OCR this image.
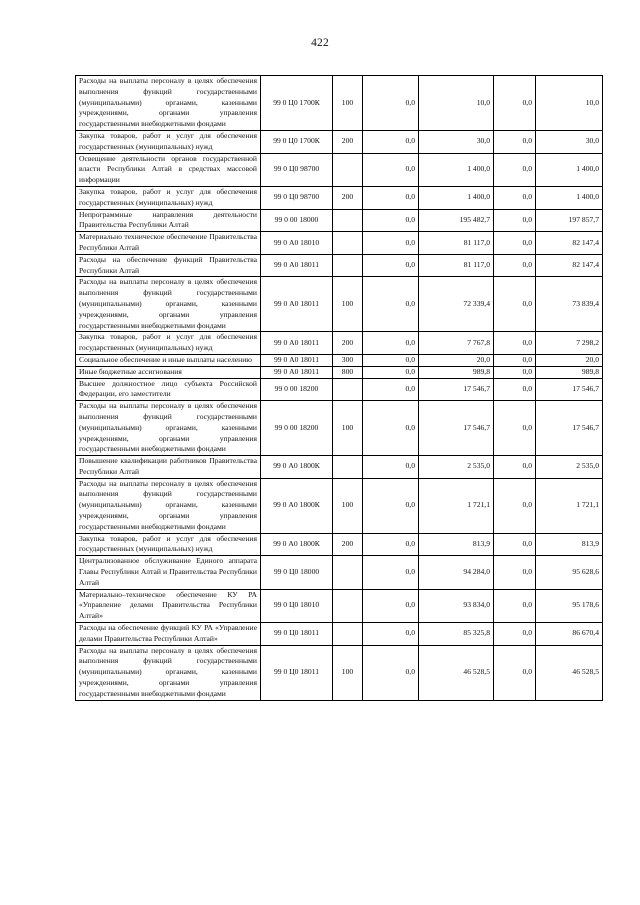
422
Расходы на выплаты персоналу в целях обеспечения выполнения функций государственными (муниципальными) органами, казенными учреждениями, органами управления государственными внебюджетными фондами	99 0 Ц0 1700К	100	0,0	10,0	0,0	10,0
Закупка товаров, работ и услуг для обеспечения государственных (муниципальных) нужд	99 0 Ц0 1700К	200	0,0	30,0	0,0	30,0
Освещение деятельности органов государственной власти Республики Алтай в средствах массовой информации	99 0 Ц0 98700		0,0	1 400,0	0,0	1 400,0
Закупка товаров, работ и услуг для обеспечения государственных (муниципальных) нужд	99 0 Ц0 98700	200	0,0	1 400,0	0,0	1 400,0
Непрограммные направления деятельности Правительства Республики Алтай	99 0 00 18000		0,0	195 482,7	0,0	197 857,7
Материально техническое обеспечение Правительства Республики Алтай	99 0 А0 18010		0,0	81 117,0	0,0	82 147,4
Расходы на обеспечение функций Правительства Республики Алтай	99 0 А0 18011		0,0	81 117,0	0,0	82 147,4
Расходы на выплаты персоналу в целях обеспечения выполнения функций государственными (муниципальными) органами, казенными учреждениями, органами управления государственными внебюджетными фондами	99 0 А0 18011	100	0,0	72 339,4	0,0	73 839,4
Закупка товаров, работ и услуг для обеспечения государственных (муниципальных) нужд	99 0 А0 18011	200	0,0	7 767,8	0,0	7 298,2
Социальное обеспечение и иные выплаты населению	99 0 А0 18011	300	0,0	20,0	0,0	20,0
Иные бюджетные ассигнования	99 0 А0 18011	800	0,0	989,8	0,0	989,8
Высшее должностное лицо субъекта Российской Федерации, его заместители	99 0 00 18200		0,0	17 546,7	0,0	17 546,7
Расходы на выплаты персоналу в целях обеспечения выполнения функций государственными (муниципальными) органами, казенными учреждениями, органами управления государственными внебюджетными фондами	99 0 00 18200	100	0,0	17 546,7	0,0	17 546,7
Повышение квалификации работников Правительства Республики Алтай	99 0 А0 1800К		0,0	2 535,0	0,0	2 535,0
Расходы на выплаты персоналу в целях обеспечения выполнения функций государственными (муниципальными) органами, казенными учреждениями, органами управления государственными внебюджетными фондами	99 0 А0 1800К	100	0,0	1 721,1	0,0	1 721,1
Закупка товаров, работ и услуг для обеспечения государственных (муниципальных) нужд	99 0 А0 1800К	200	0,0	813,9	0,0	813,9
Централизованное обслуживание Единого аппарата Главы Республики Алтай и Правительства Республики Алтай	99 0 Ц0 18000		0,0	94 284,0	0,0	95 628,6
Материально–техническое обеспечение КУ РА «Управление делами Правительства Республики Алтай»	99 0 Ц0 18010		0,0	93 834,0	0,0	95 178,6
Расходы на обеспечение функций КУ РА «Управление делами Правительства Республики Алтай»	99 0 Ц0 18011		0,0	85 325,8	0,0	86 670,4
Расходы на выплаты персоналу в целях обеспечения выполнения функций государственными (муниципальными) органами, казенными учреждениями, органами управления государственными внебюджетными фондами	99 0 Ц0 18011	100	0,0	46 528,5	0,0	46 528,5
